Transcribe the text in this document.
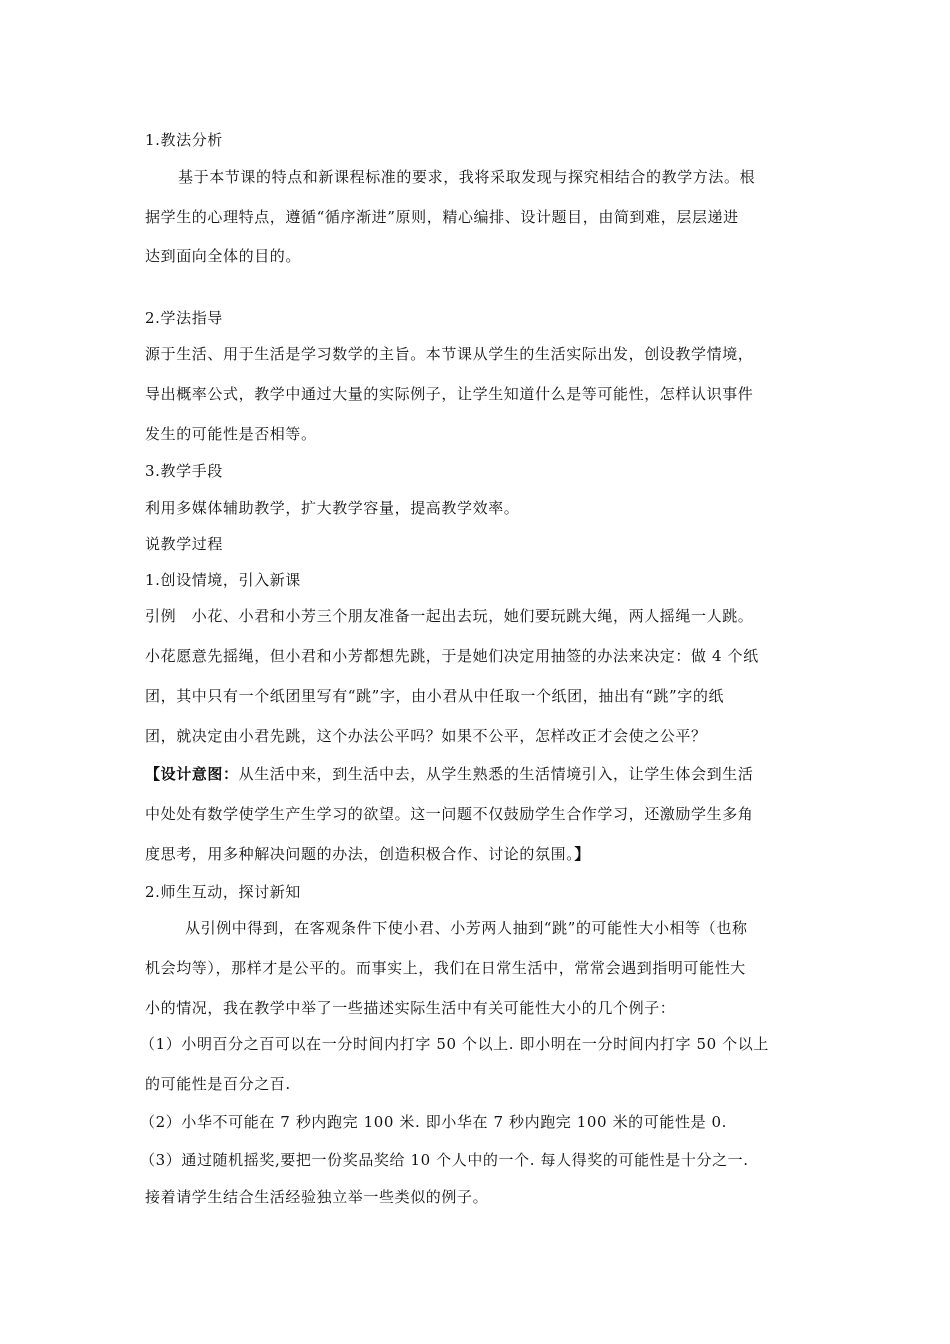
1.教法分析
基于本节课的特点和新课程标准的要求，我将采取发现与探究相结合的教学方法。根
据学生的心理特点，遵循“循序渐进”原则，精心编排、设计题目，由简到难，层层递进
达到面向全体的目的。
2.学法指导
源于生活、用于生活是学习数学的主旨。本节课从学生的生活实际出发，创设教学情境，
导出概率公式，教学中通过大量的实际例子，让学生知道什么是等可能性，怎样认识事件
发生的可能性是否相等。
3.教学手段
利用多媒体辅助教学，扩大教学容量，提高教学效率。
说教学过程
1.创设情境，引入新课
引例　小花、小君和小芳三个朋友准备一起出去玩，她们要玩跳大绳，两人摇绳一人跳。
小花愿意先摇绳，但小君和小芳都想先跳，于是她们决定用抽签的办法来决定：做 4 个纸
团，其中只有一个纸团里写有“跳”字，由小君从中任取一个纸团，抽出有“跳”字的纸
团，就决定由小君先跳，这个办法公平吗？如果不公平，怎样改正才会使之公平？
【设计意图：从生活中来，到生活中去，从学生熟悉的生活情境引入，让学生体会到生活
中处处有数学使学生产生学习的欲望。这一问题不仅鼓励学生合作学习，还激励学生多角
度思考，用多种解决问题的办法，创造积极合作、讨论的氛围。】
2.师生互动，探讨新知
从引例中得到，在客观条件下使小君、小芳两人抽到“跳”的可能性大小相等（也称
机会均等），那样才是公平的。而事实上，我们在日常生活中，常常会遇到指明可能性大
小的情况，我在教学中举了一些描述实际生活中有关可能性大小的几个例子：
（1）小明百分之百可以在一分时间内打字 50 个以上. 即小明在一分时间内打字 50 个以上
的可能性是百分之百.
（2）小华不可能在 7 秒内跑完 100 米. 即小华在 7 秒内跑完 100 米的可能性是 0.
（3）通过随机摇奖,要把一份奖品奖给 10 个人中的一个. 每人得奖的可能性是十分之一.
接着请学生结合生活经验独立举一些类似的例子。
